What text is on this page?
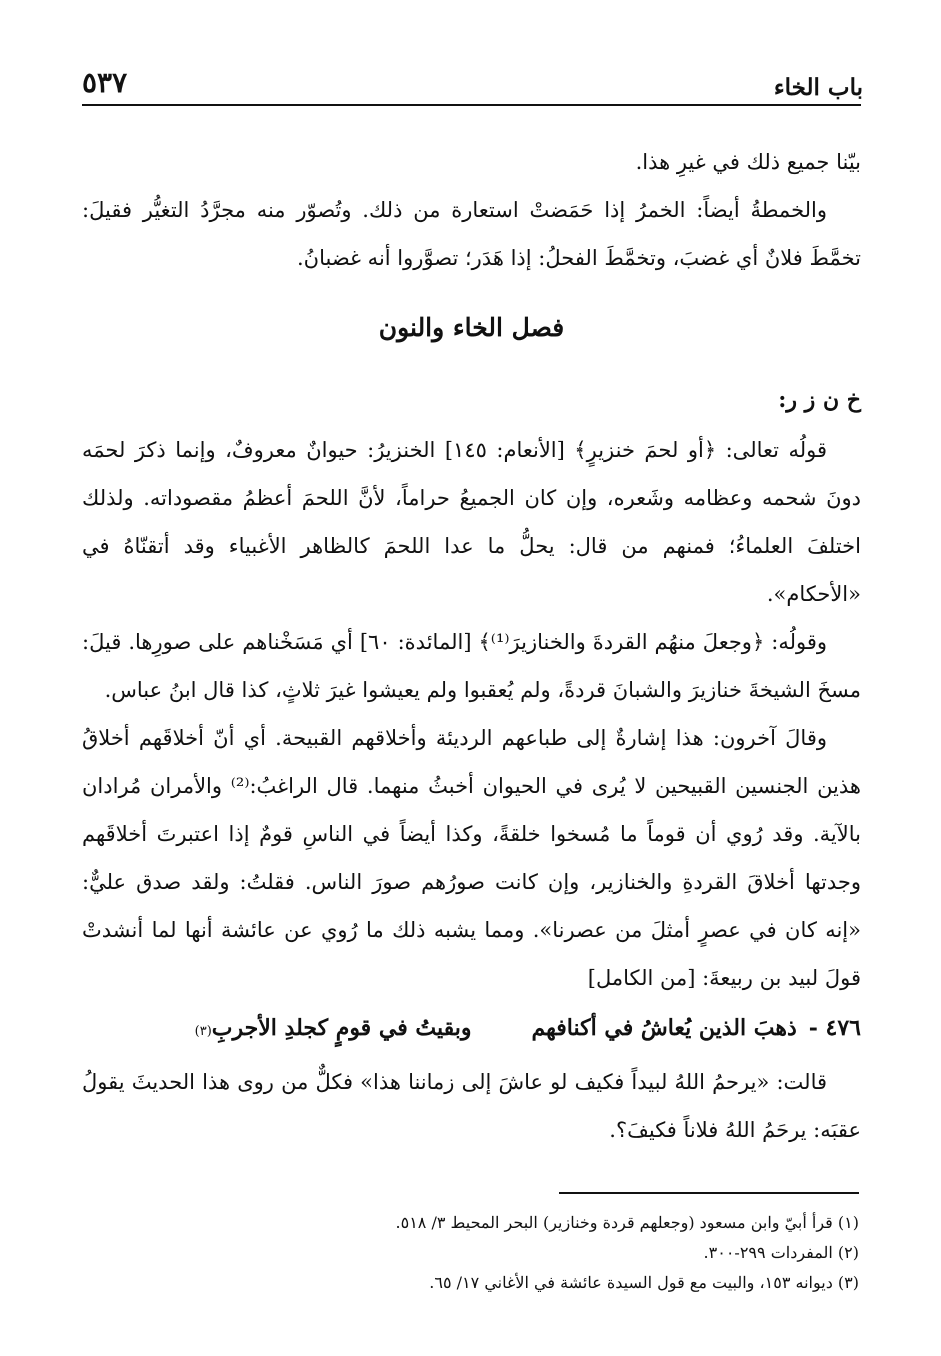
باب الخاء
٥٣٧

بيّنا جميع ذلك في غيرِ هذا.

والخمطةُ أيضاً: الخمرُ إذا حَمَضتْ استعارة من ذلك. وتُصوّر منه مجرَّدُ التغيُّر فقيلَ: تخمَّطَ فلانٌ أي غضبَ، وتخمَّطَ الفحلُ: إذا هَدَر؛ تصوَّروا أنه غضبانُ.

فصل الخاء والنون
خ ن ز ر:

قولُه تعالى: ﴿أو لحمَ خنزيرٍ﴾ [الأنعام: ١٤٥] الخنزيرُ: حيوانٌ معروفٌ، وإنما ذكرَ لحمَه دونَ شحمه وعظامه وشَعره، وإن كان الجميعُ حراماً، لأنَّ اللحمَ أعظمُ مقصوداته. ولذلك اختلفَ العلماءُ؛ فمنهم من قال: يحلُّ ما عدا اللحمَ كالظاهر الأغبياء وقد أتقنّاهُ في «الأحكام».

وقولُه: ﴿وجعلَ منهُم القردةَ والخنازيرَ⁽¹⁾﴾ [المائدة: ٦٠] أي مَسَخْناهم على صورِها. قيلَ: مسخَ الشيخةَ خنازيرَ والشبانَ قردةً، ولم يُعقبوا ولم يعيشوا غيرَ ثلاثٍ، كذا قال ابنُ عباس.

وقالَ آخرون: هذا إشارةٌ إلى طباعهم الرديئة وأخلاقهم القبيحة. أي أنّ أخلاقَهم أخلاقُ هذين الجنسين القبيحين لا يُرى في الحيوان أخبثُ منهما. قال الراغبُ:⁽²⁾ والأمران مُرادان بالآية. وقد رُوي أن قوماً ما مُسخوا خلقةً، وكذا أيضاً في الناسِ قومٌ إذا اعتبرتَ أخلاقَهم وجدتها أخلاقَ القردةِ والخنازير، وإن كانت صورُهم صورَ الناس. فقلتُ: ولقد صدق عليٌّ: «إنه كان في عصرٍ أمثلَ من عصرنا». ومما يشبه ذلك ما رُوي عن عائشة أنها لما أنشدتْ قولَ لبيد بن ربيعةَ: [من الكامل]

٤٧٦ -
ذهبَ الذين يُعاشُ في أكنافهم
وبقيتُ في قومٍ كجلدِ الأجربِ
(٣)

قالت: «يرحمُ اللهُ لبيداً فكيف لو عاشَ إلى زماننا هذا» فكلٌّ من روى هذا الحديثَ يقولُ عقبَه: يرحَمُ اللهُ فلاناً فكيفَ؟.

(١) قرأ أبيّ وابن مسعود (وجعلهم قردة وخنازير) البحر المحيط ٣/ ٥١٨.

(٢) المفردات ٢٩٩-٣٠٠.

(٣) ديوانه ١٥٣، والبيت مع قول السيدة عائشة في الأغاني ١٧/ ٦٥.
